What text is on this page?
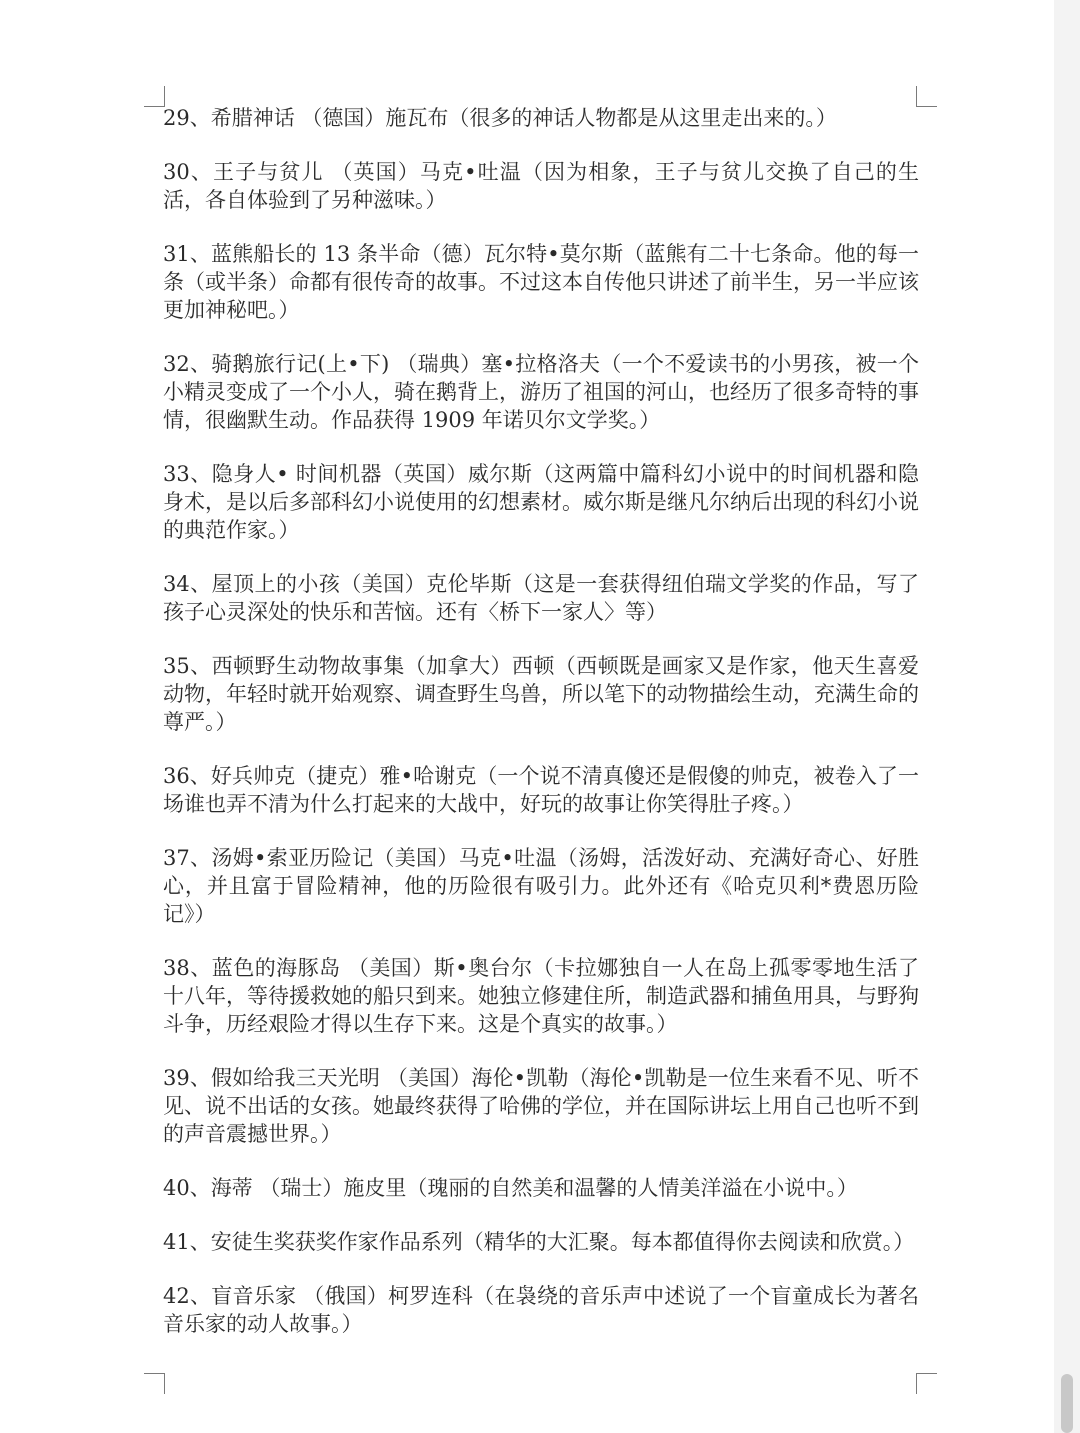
29、希腊神话 （德国）施瓦布（很多的神话人物都是从这里走出来的。）

30、王子与贫儿 （英国）马克•吐温（因为相象，王子与贫儿交换了自己的生活，各自体验到了另种滋味。）

31、蓝熊船长的 13 条半命（德）瓦尔特•莫尔斯（蓝熊有二十七条命。他的每一条（或半条）命都有很传奇的故事。不过这本自传他只讲述了前半生，另一半应该更加神秘吧。）

32、骑鹅旅行记(上•下) （瑞典）塞•拉格洛夫（一个不爱读书的小男孩，被一个小精灵变成了一个小人，骑在鹅背上，游历了祖国的河山，也经历了很多奇特的事情，很幽默生动。作品获得 1909 年诺贝尔文学奖。）

33、隐身人• 时间机器（英国）威尔斯（这两篇中篇科幻小说中的时间机器和隐身术，是以后多部科幻小说使用的幻想素材。威尔斯是继凡尔纳后出现的科幻小说的典范作家。）

34、屋顶上的小孩（美国）克伦毕斯（这是一套获得纽伯瑞文学奖的作品，写了孩子心灵深处的快乐和苦恼。还有〈桥下一家人〉等）

35、西顿野生动物故事集（加拿大）西顿（西顿既是画家又是作家，他天生喜爱动物，年轻时就开始观察、调查野生鸟兽，所以笔下的动物描绘生动，充满生命的尊严。）

36、好兵帅克（捷克）雅•哈谢克（一个说不清真傻还是假傻的帅克，被卷入了一场谁也弄不清为什么打起来的大战中，好玩的故事让你笑得肚子疼。）

37、汤姆•索亚历险记（美国）马克•吐温（汤姆，活泼好动、充满好奇心、好胜心，并且富于冒险精神，他的历险很有吸引力。此外还有《哈克贝利*费恩历险记》）

38、蓝色的海豚岛 （美国）斯•奥台尔（卡拉娜独自一人在岛上孤零零地生活了十八年，等待援救她的船只到来。她独立修建住所，制造武器和捕鱼用具，与野狗斗争，历经艰险才得以生存下来。这是个真实的故事。）

39、假如给我三天光明 （美国）海伦•凯勒（海伦•凯勒是一位生来看不见、听不见、说不出话的女孩。她最终获得了哈佛的学位，并在国际讲坛上用自己也听不到的声音震撼世界。）

40、海蒂 （瑞士）施皮里（瑰丽的自然美和温馨的人情美洋溢在小说中。）

41、安徒生奖获奖作家作品系列（精华的大汇聚。每本都值得你去阅读和欣赏。）

42、盲音乐家 （俄国）柯罗连科（在袅绕的音乐声中述说了一个盲童成长为著名音乐家的动人故事。）
